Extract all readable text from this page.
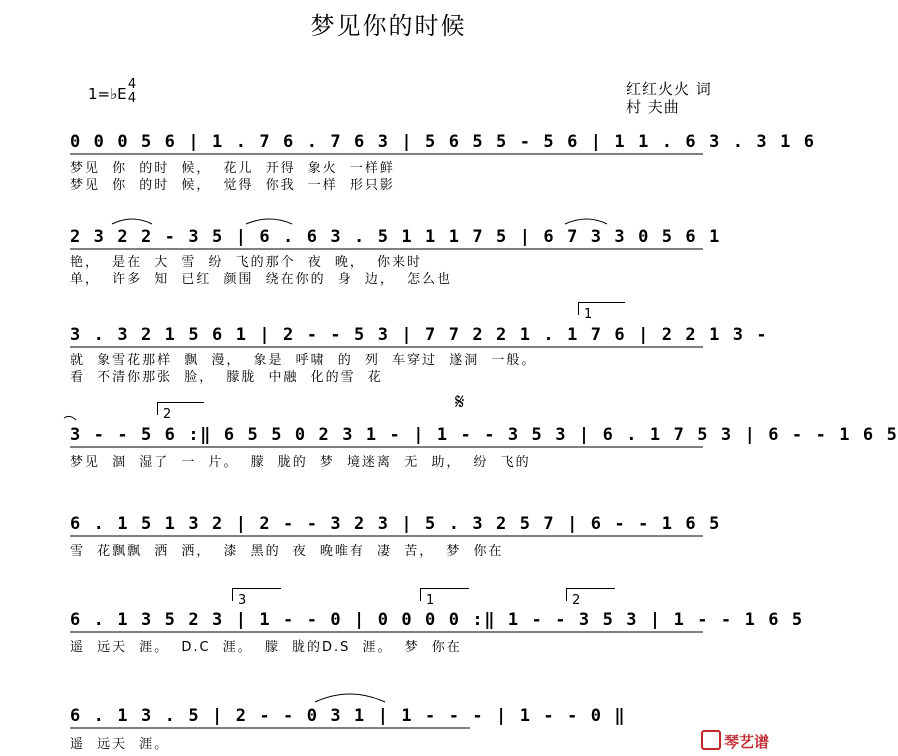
梦见你的时候
1=♭E
4
4
红红火火 词
村 夫曲
0 0 0 5 6 | 1 . 7 6 . 7 6 3 | 5 6 5 5 - 5 6 | 1 1 . 6 3 . 3 1 6
梦见 你 的时 候， 花儿 开得 象火 一样鲜
梦见 你 的时 候， 觉得 你我 一样 形只影
2 3 2 2 - 3 5 | 6 . 6 3 . 5 1 1 1 7 5 | 6 7 3 3 0 5 6 1
艳， 是在 大 雪 纷 飞的那个 夜 晚， 你来时
单， 许多 知 已红 颜围 绕在你的 身 边， 怎么也
1
3 . 3 2 1 5 6 1 | 2 - - 5 3 | 7 7 2 2 1 . 1 7 6 | 2 2 1 3 -
就 象雪花那样 飘 漫， 象是 呼啸 的 列 车穿过 遂洞 一般。
看 不清你那张 脸， 朦胧 中融 化的雪 花
2	𝄋
3 - - 5 6 :‖ 6 5 5 0 2 3 1 - | 1 - - 3 5 3 | 6 . 1 7 5 3 | 6 - - 1 6 5
梦见 涸 湿了 一 片。 朦 胧的 梦 境迷离 无 助， 纷 飞的
6 . 1 5 1 3 2 | 2 - - 3 2 3 | 5 . 3 2 5 7 | 6 - - 1 6 5
雪 花飘飘 洒 洒， 漆 黑的 夜 晚唯有 凄 苦， 梦 你在
3	1	2
6 . 1 3 5 2 3 | 1 - - 0 | 0 0 0 0 :‖ 1 - - 3 5 3 | 1 - - 1 6 5
遥 远天 涯。 D.C 涯。 朦 胧的D.S 涯。 梦 你在
6 . 1 3 . 5 | 2 - - 0 3 1 | 1 - - - | 1 - - 0 ‖
遥 远天 涯。	琴艺谱
